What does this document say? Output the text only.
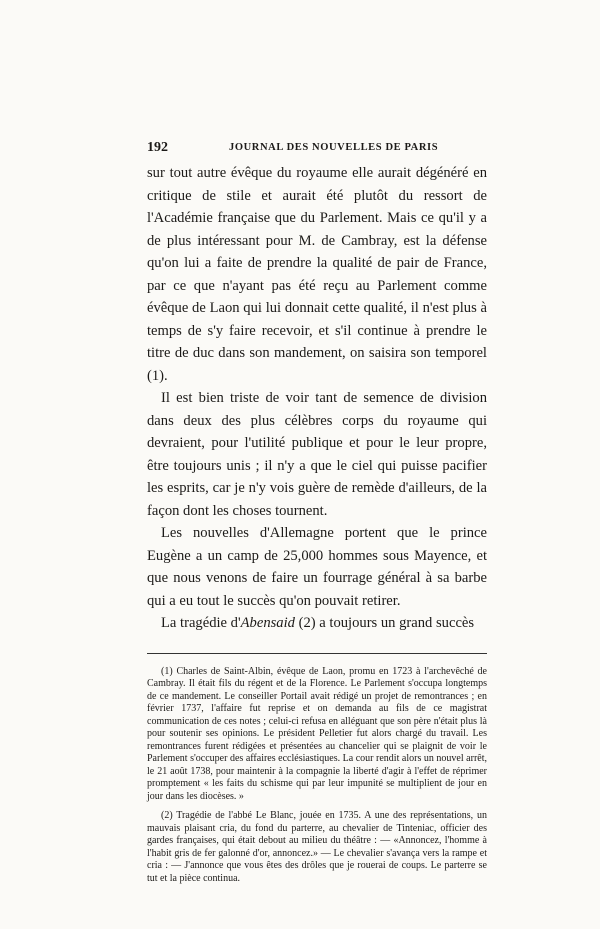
192	JOURNAL DES NOUVELLES DE PARIS

sur tout autre évêque du royaume elle aurait dégénéré en critique de stile et aurait été plutôt du ressort de l'Académie française que du Parlement. Mais ce qu'il y a de plus intéressant pour M. de Cambray, est la défense qu'on lui a faite de prendre la qualité de pair de France, par ce que n'ayant pas été reçu au Parlement comme évêque de Laon qui lui donnait cette qualité, il n'est plus à temps de s'y faire recevoir, et s'il continue à prendre le titre de duc dans son mandement, on saisira son temporel (1).

Il est bien triste de voir tant de semence de division dans deux des plus célèbres corps du royaume qui devraient, pour l'utilité publique et pour le leur propre, être toujours unis ; il n'y a que le ciel qui puisse pacifier les esprits, car je n'y vois guère de remède d'ailleurs, de la façon dont les choses tournent.

Les nouvelles d'Allemagne portent que le prince Eugène a un camp de 25,000 hommes sous Mayence, et que nous venons de faire un fourrage général à sa barbe qui a eu tout le succès qu'on pouvait retirer.

La tragédie d'Abensaid (2) a toujours un grand succès

(1) Charles de Saint-Albin, évêque de Laon, promu en 1723 à l'archevêché de Cambray. Il était fils du régent et de la Florence. Le Parlement s'occupa longtemps de ce mandement. Le conseiller Portail avait rédigé un projet de remontrances ; en février 1737, l'affaire fut reprise et on demanda au fils de ce magistrat communication de ces notes ; celui-ci refusa en alléguant que son père n'était plus là pour soutenir ses opinions. Le président Pelletier fut alors chargé du travail. Les remontrances furent rédigées et présentées au chancelier qui se plaignit de voir le Parlement s'occuper des affaires ecclésiastiques. La cour rendit alors un nouvel arrêt, le 21 août 1738, pour maintenir à la compagnie la liberté d'agir à l'effet de réprimer promptement « les faits du schisme qui par leur impunité se multiplient de jour en jour dans les diocèses. »

(2) Tragédie de l'abbé Le Blanc, jouée en 1735. A une des représentations, un mauvais plaisant cria, du fond du parterre, au chevalier de Tinteniac, officier des gardes françaises, qui était debout au milieu du théâtre : — «Annoncez, l'homme à l'habit gris de fer galonné d'or, annoncez.» — Le chevalier s'avança vers la rampe et cria : — J'annonce que vous êtes des drôles que je rouerai de coups. Le parterre se tut et la pièce continua.
